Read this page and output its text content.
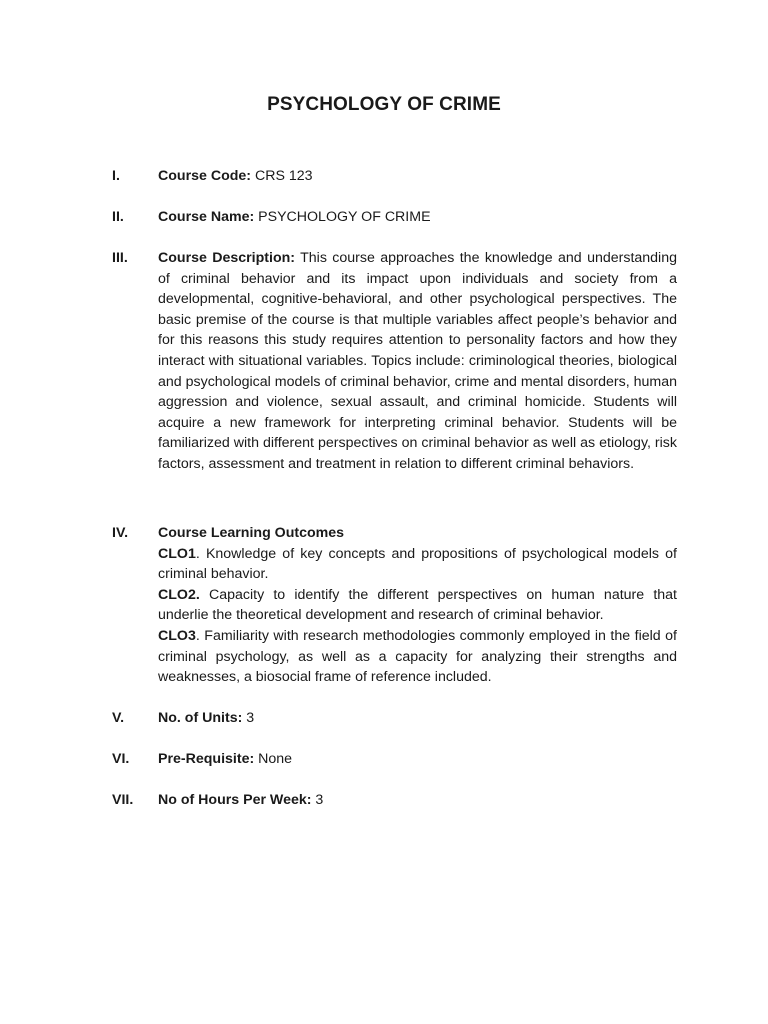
PSYCHOLOGY OF CRIME
I.	Course Code: CRS 123
II. Course Name: PSYCHOLOGY OF CRIME
III. Course Description: This course approaches the knowledge and understanding of criminal behavior and its impact upon individuals and society from a developmental, cognitive-behavioral, and other psychological perspectives. The basic premise of the course is that multiple variables affect people’s behavior and for this reasons this study requires attention to personality factors and how they interact with situational variables. Topics include: criminological theories, biological and psychological models of criminal behavior, crime and mental disorders, human aggression and violence, sexual assault, and criminal homicide. Students will acquire a new framework for interpreting criminal behavior. Students will be familiarized with different perspectives on criminal behavior as well as etiology, risk factors, assessment and treatment in relation to different criminal behaviors.

IV. Course Learning Outcomes

CLO1. Knowledge of key concepts and propositions of psychological models of criminal behavior.

CLO2. Capacity to identify the different perspectives on human nature that underlie the theoretical development and research of criminal behavior.

CLO3. Familiarity with research methodologies commonly employed in the field of criminal psychology, as well as a capacity for analyzing their strengths and weaknesses, a biosocial frame of reference included.

V. No. of Units: 3
VI. Pre-Requisite: None
VII. No of Hours Per Week: 3
